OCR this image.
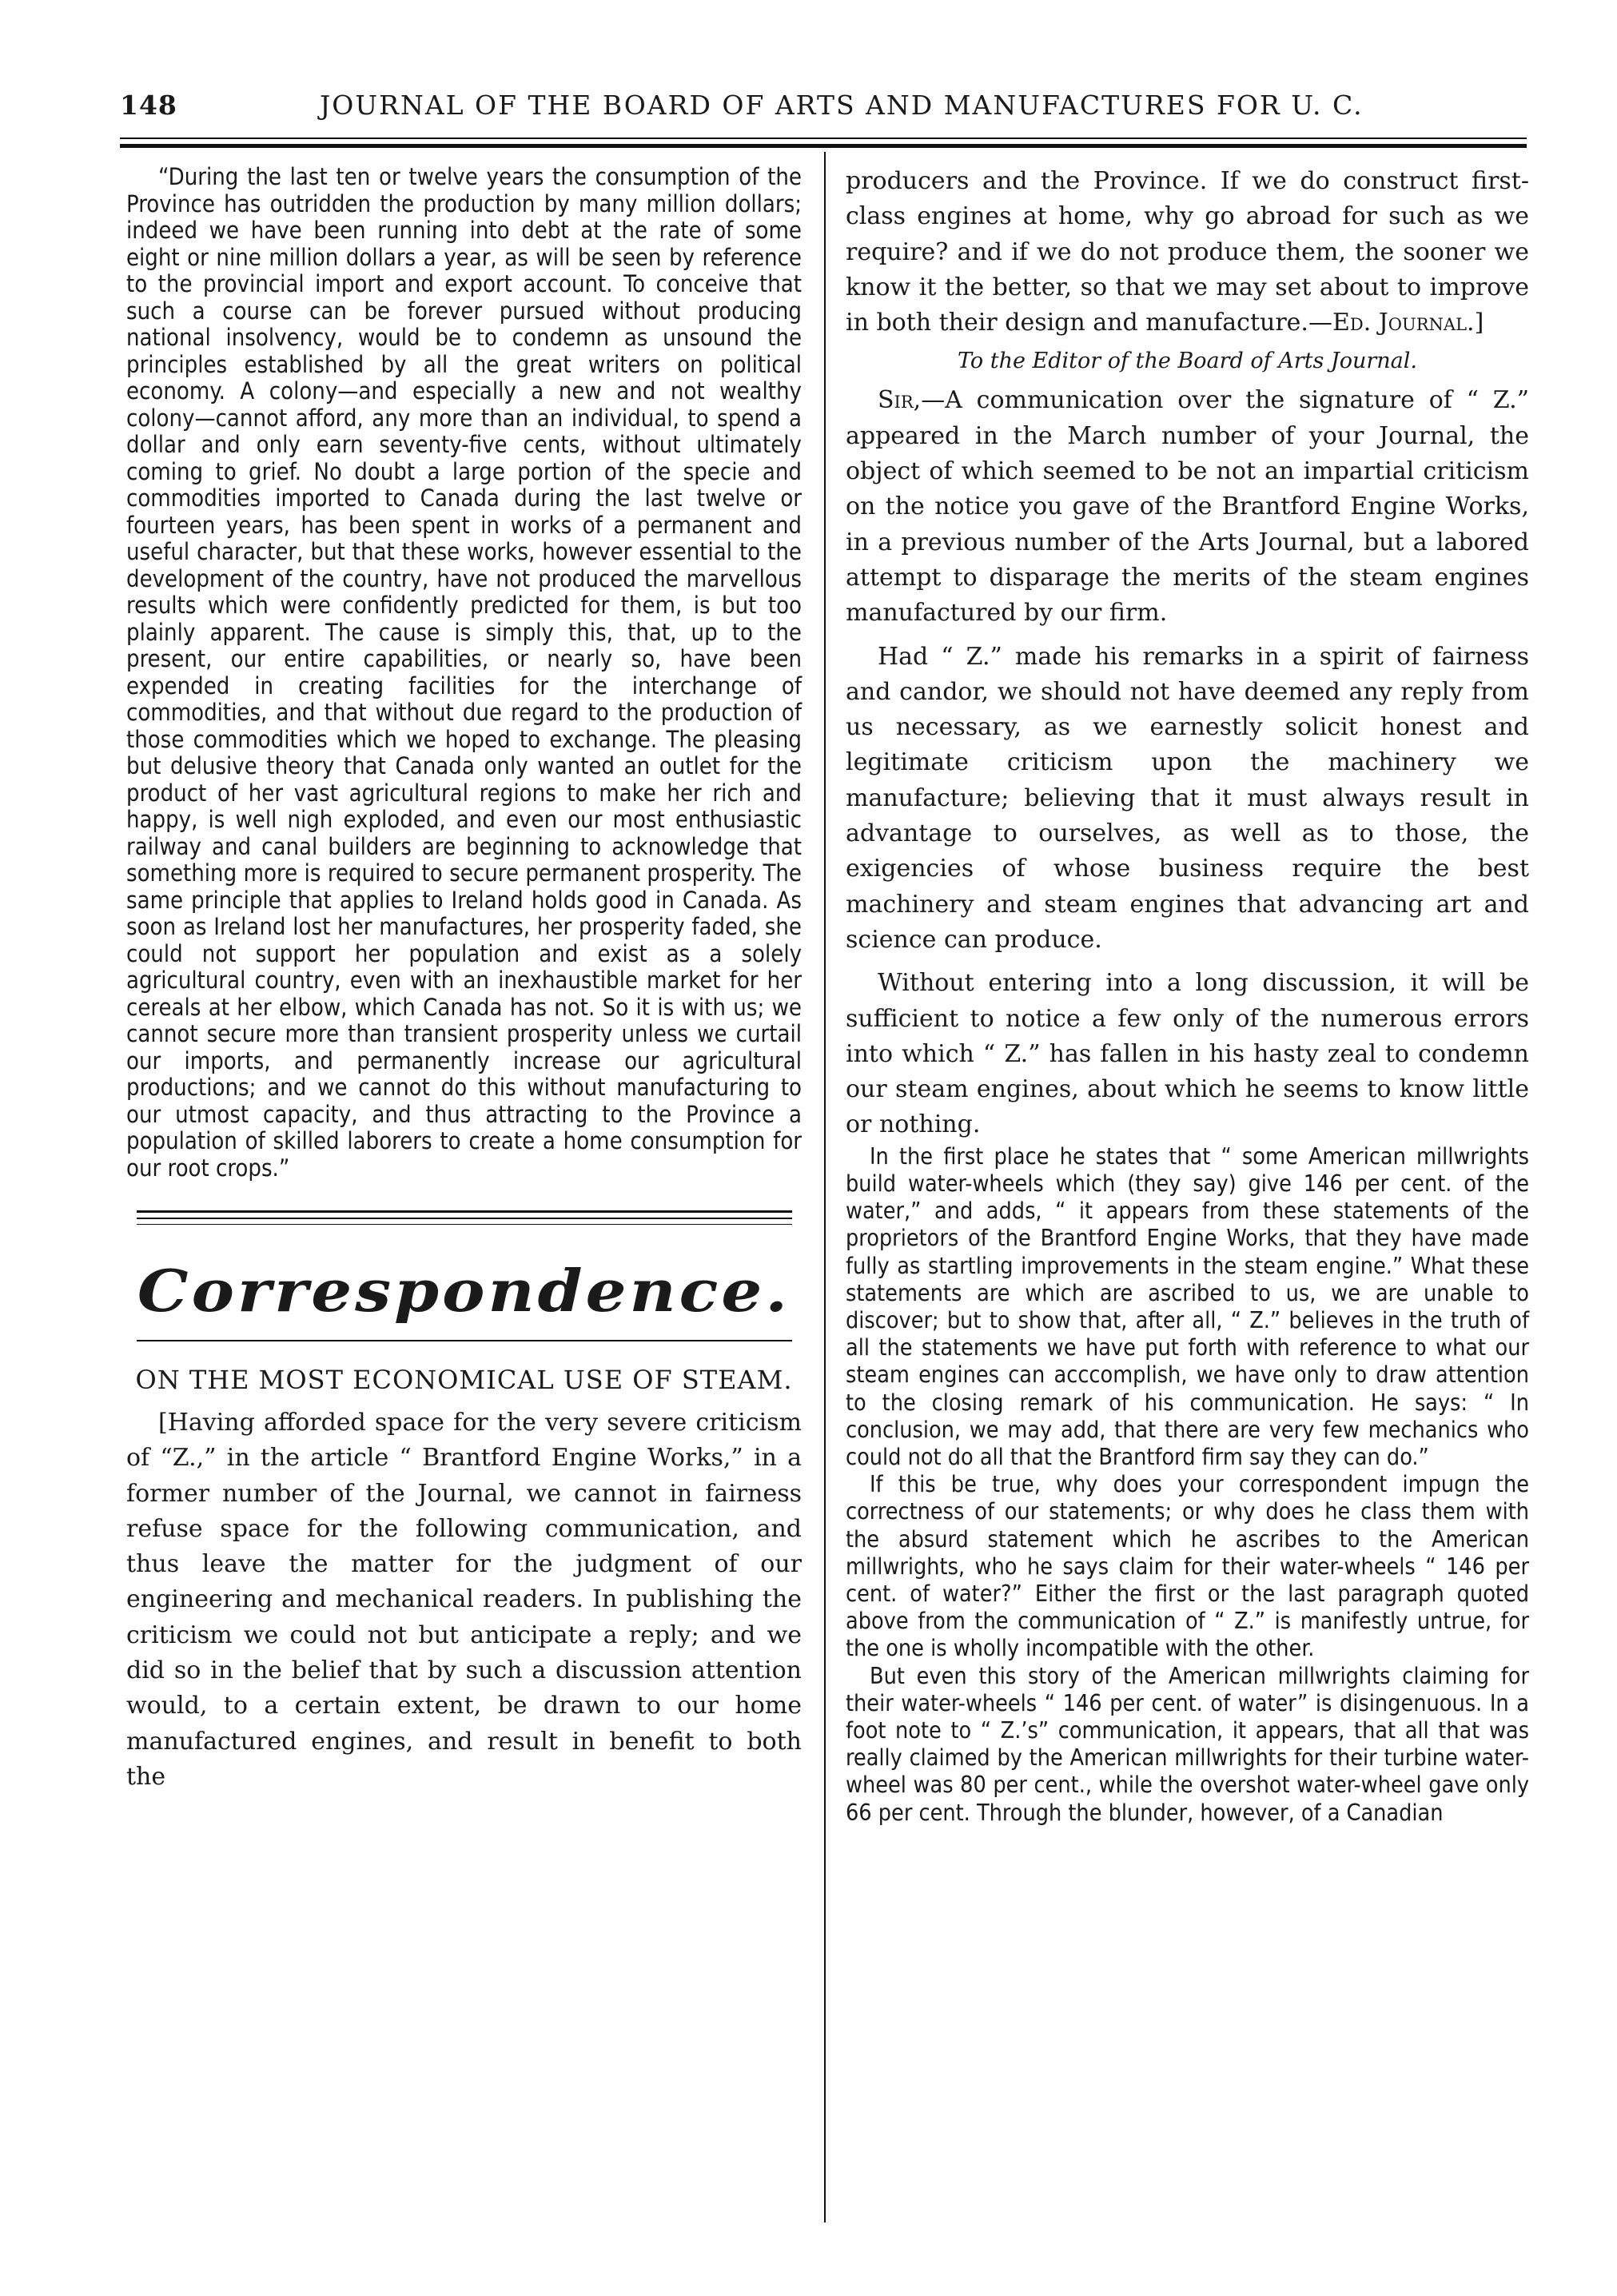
148	JOURNAL OF THE BOARD OF ARTS AND MANUFACTURES FOR U. C.

“During the last ten or twelve years the consumption of the Province has outridden the production by many million dollars; indeed we have been running into debt at the rate of some eight or nine million dollars a year, as will be seen by reference to the provincial import and export account. To conceive that such a course can be forever pursued without producing national insolvency, would be to condemn as unsound the principles established by all the great writers on political economy. A colony—and especially a new and not wealthy colony—cannot afford, any more than an individual, to spend a dollar and only earn seventy-five cents, without ultimately coming to grief. No doubt a large portion of the specie and commodities imported to Canada during the last twelve or fourteen years, has been spent in works of a permanent and useful character, but that these works, however essential to the development of the country, have not produced the marvellous results which were confidently predicted for them, is but too plainly apparent. The cause is simply this, that, up to the present, our entire capabilities, or nearly so, have been expended in creating facilities for the interchange of commodities, and that without due regard to the production of those commodities which we hoped to exchange. The pleasing but delusive theory that Canada only wanted an outlet for the product of her vast agricultural regions to make her rich and happy, is well nigh exploded, and even our most enthusiastic railway and canal builders are beginning to acknowledge that something more is required to secure permanent prosperity. The same principle that applies to Ireland holds good in Canada. As soon as Ireland lost her manufactures, her prosperity faded, she could not support her population and exist as a solely agricultural country, even with an inexhaustible market for her cereals at her elbow, which Canada has not. So it is with us; we cannot secure more than transient prosperity unless we curtail our imports, and permanently increase our agricultural productions; and we cannot do this without manufacturing to our utmost capacity, and thus attracting to the Province a population of skilled laborers to create a home consumption for our root crops.”

Correspondence.
ON THE MOST ECONOMICAL USE OF STEAM.

[Having afforded space for the very severe criticism of “Z.,” in the article “ Brantford Engine Works,” in a former number of the Journal, we cannot in fairness refuse space for the following communication, and thus leave the matter for the judgment of our engineering and mechanical readers. In publishing the criticism we could not but anticipate a reply; and we did so in the belief that by such a discussion attention would, to a certain extent, be drawn to our home manufactured engines, and result in benefit to both the

producers and the Province. If we do construct first-class engines at home, why go abroad for such as we require? and if we do not produce them, the sooner we know it the better, so that we may set about to improve in both their design and manufacture.—Ed. Journal.]

To the Editor of the Board of Arts Journal.

Sir,—A communication over the signature of “ Z.” appeared in the March number of your Journal, the object of which seemed to be not an impartial criticism on the notice you gave of the Brantford Engine Works, in a previous number of the Arts Journal, but a labored attempt to disparage the merits of the steam engines manufactured by our firm.

Had “ Z.” made his remarks in a spirit of fairness and candor, we should not have deemed any reply from us necessary, as we earnestly solicit honest and legitimate criticism upon the machinery we manufacture; believing that it must always result in advantage to ourselves, as well as to those, the exigencies of whose business require the best machinery and steam engines that advancing art and science can produce.

Without entering into a long discussion, it will be sufficient to notice a few only of the numerous errors into which “ Z.” has fallen in his hasty zeal to condemn our steam engines, about which he seems to know little or nothing.

In the first place he states that “ some American millwrights build water-wheels which (they say) give 146 per cent. of the water,” and adds, “ it appears from these statements of the proprietors of the Brantford Engine Works, that they have made fully as startling improvements in the steam engine.” What these statements are which are ascribed to us, we are unable to discover; but to show that, after all, “ Z.” believes in the truth of all the statements we have put forth with reference to what our steam engines can acccomplish, we have only to draw attention to the closing remark of his communication. He says: “ In conclusion, we may add, that there are very few mechanics who could not do all that the Brantford firm say they can do.”

If this be true, why does your correspondent impugn the correctness of our statements; or why does he class them with the absurd statement which he ascribes to the American millwrights, who he says claim for their water-wheels “ 146 per cent. of water?” Either the first or the last paragraph quoted above from the communication of “ Z.” is manifestly untrue, for the one is wholly incompatible with the other.

But even this story of the American millwrights claiming for their water-wheels “ 146 per cent. of water” is disingenuous. In a foot note to “ Z.’s” communication, it appears, that all that was really claimed by the American millwrights for their turbine water-wheel was 80 per cent., while the overshot water-wheel gave only 66 per cent. Through the blunder, however, of a Canadian
